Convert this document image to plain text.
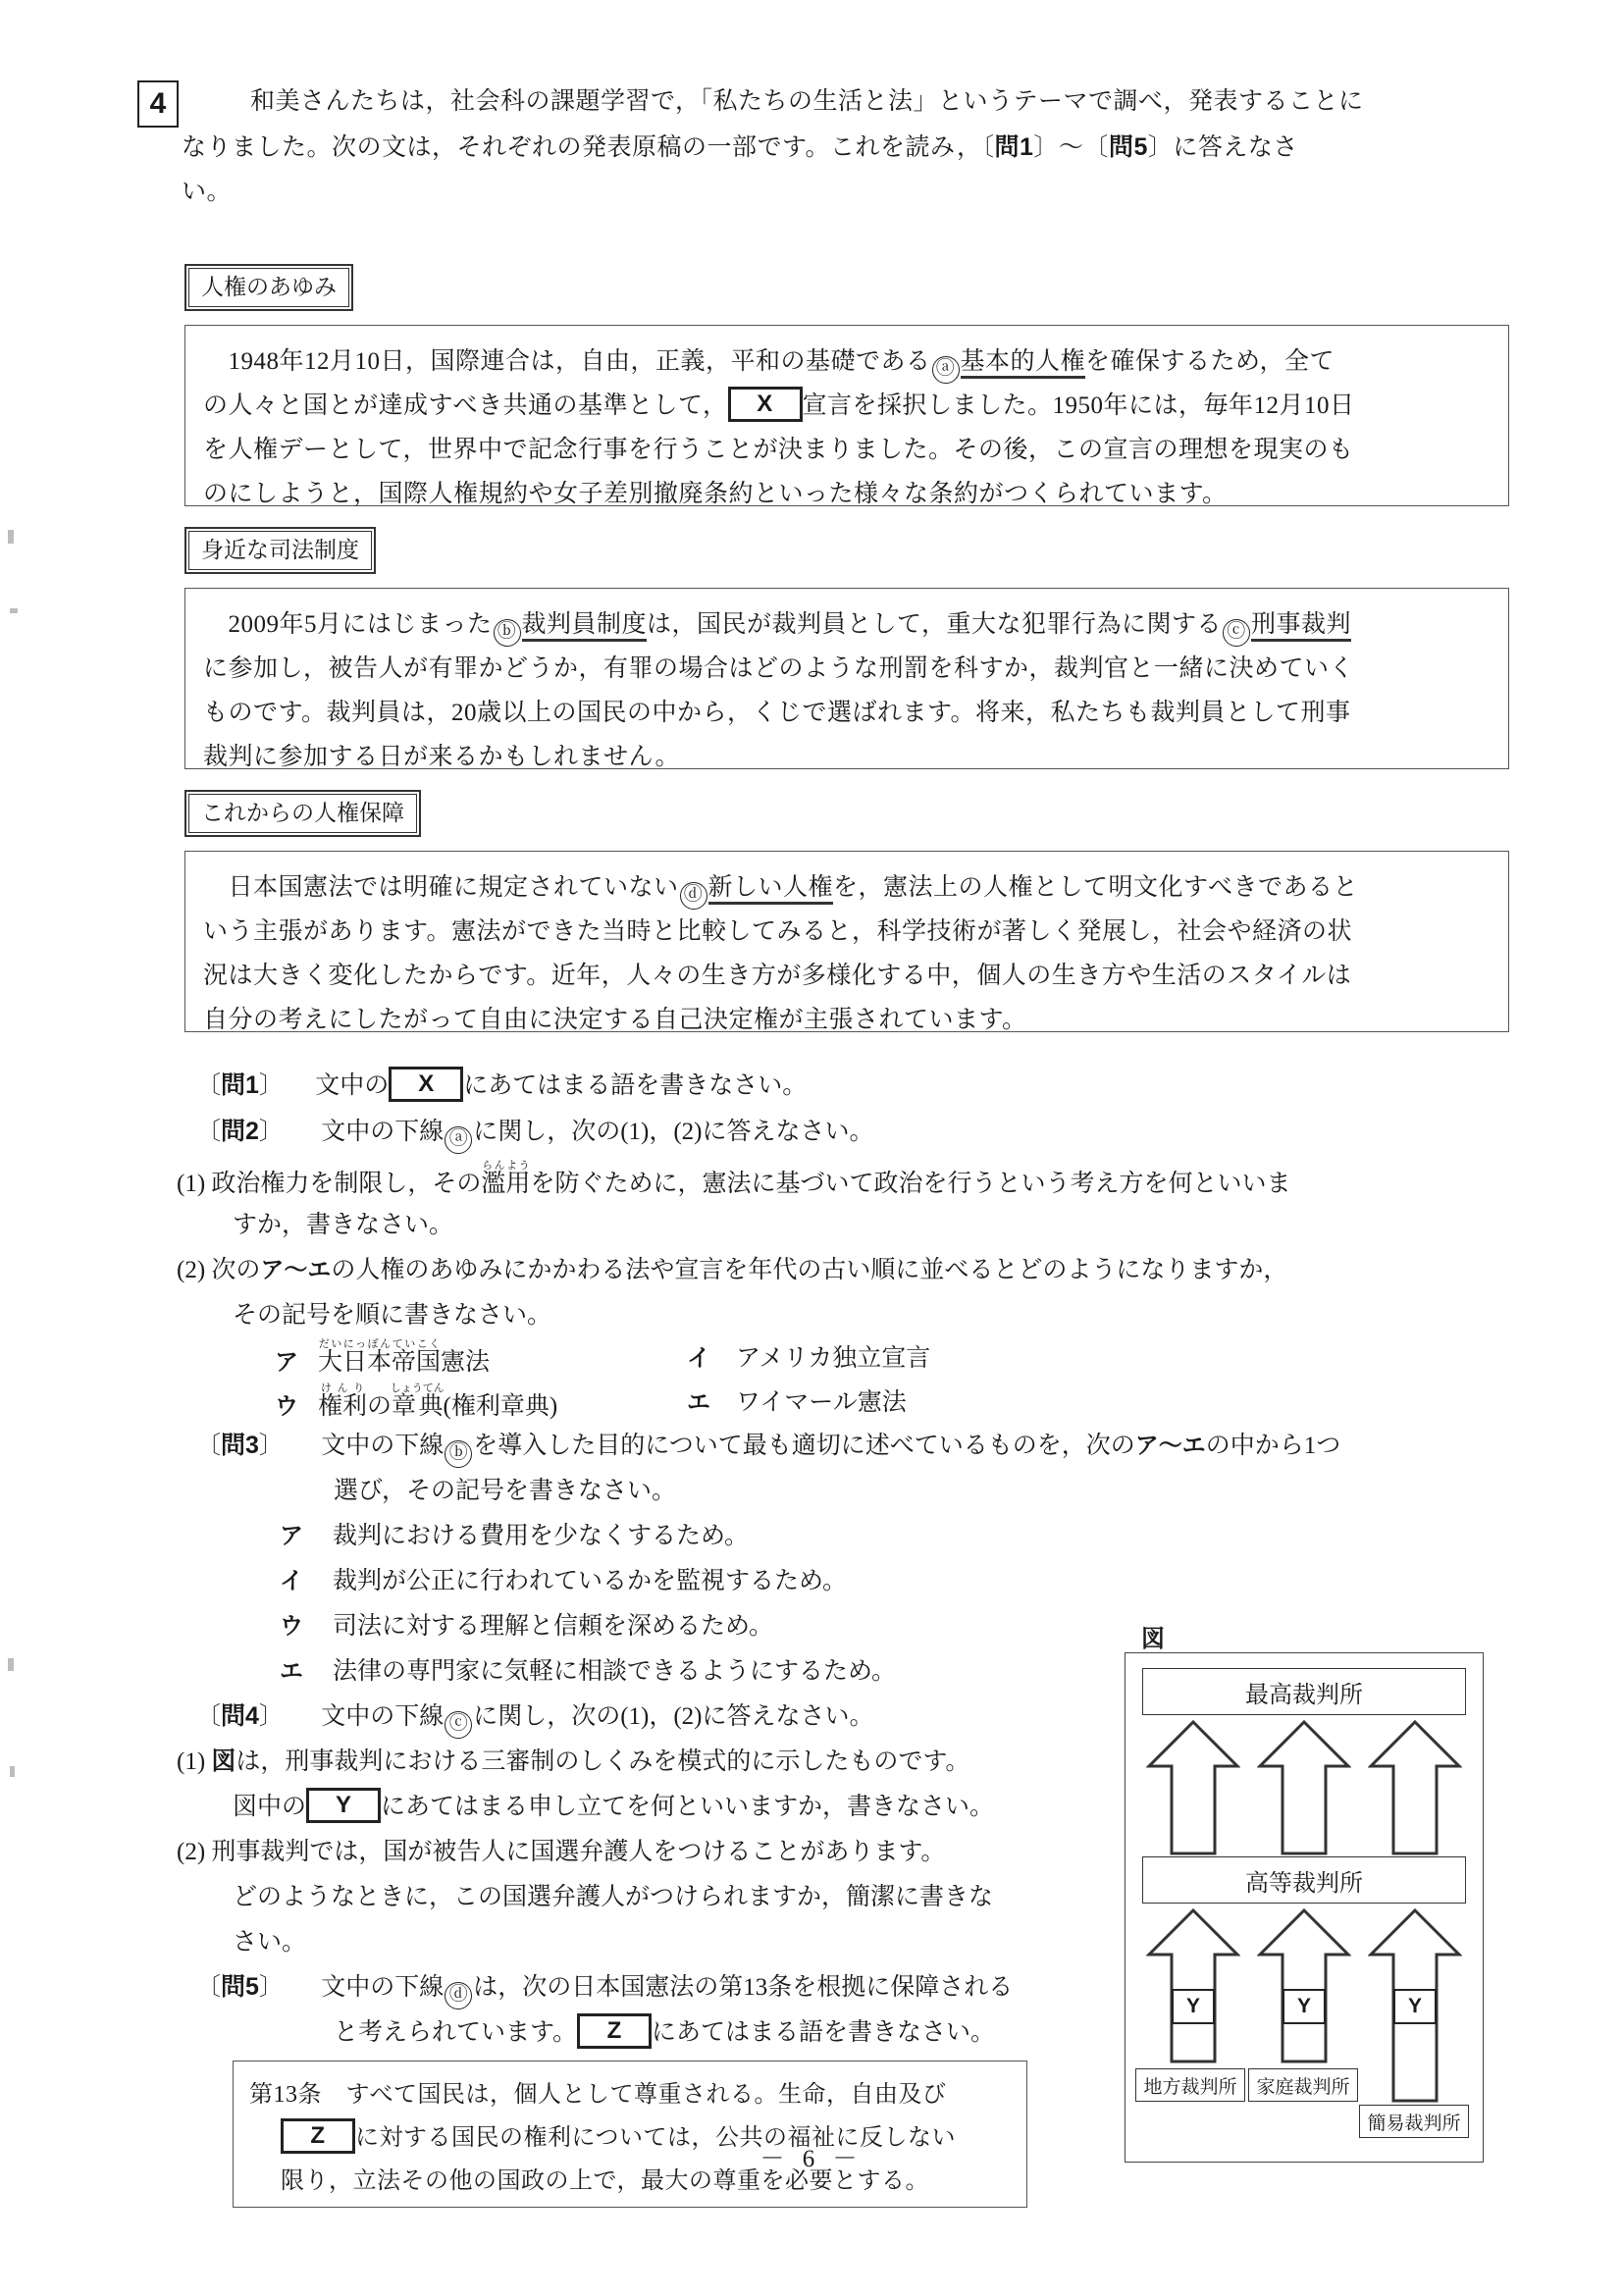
4	和美さんたちは，社会科の課題学習で，「私たちの生活と法」というテーマで調べ，発表することに
なりました。次の文は，それぞれの発表原稿の一部です。これを読み，〔問1〕～〔問5〕に答えなさ
い。
人権のあゆみ
　1948年12月10日，国際連合は，自由，正義，平和の基礎である ⓐ 基本的人権を確保するため，全て
の人々と国とが達成すべき共通の基準として， X 宣言を採択しました。1950年には，毎年12月10日
を人権デーとして，世界中で記念行事を行うことが決まりました。その後，この宣言の理想を現実のも
のにしようと，国際人権規約や女子差別撤廃条約といった様々な条約がつくられています。
身近な司法制度
　2009年5月にはじまった ⓑ 裁判員制度は，国民が裁判員として，重大な犯罪行為に関する ⓒ 刑事裁判
に参加し，被告人が有罪かどうか，有罪の場合はどのような刑罰を科すか，裁判官と一緒に決めていく
ものです。裁判員は，20歳以上の国民の中から，くじで選ばれます。将来，私たちも裁判員として刑事
裁判に参加する日が来るかもしれません。
これからの人権保障
　日本国憲法では明確に規定されていない ⓓ 新しい人権を，憲法上の人権として明文化すべきであると
いう主張があります。憲法ができた当時と比較してみると，科学技術が著しく発展し，社会や経済の状
況は大きく変化したからです。近年，人々の生き方が多様化する中，個人の生き方や生活のスタイルは
自分の考えにしたがって自由に決定する自己決定権が主張されています。
〔問1〕 文中の X にあてはまる語を書きなさい。
〔問2〕 文中の下線 ⓐ に関し，次の(1)，(2)に答えなさい。
(1) 政治権力を制限し，その濫用らんようを防ぐために，憲法に基づいて政治を行うという考え方を何といいま
すか，書きなさい。
(2) 次のア～エの人権のあゆみにかかわる法や宣言を年代の古い順に並べるとどのようになりますか，
その記号を順に書きなさい。
ア 大日本帝国だいにっぽんていこく憲法	イ アメリカ独立宣言
ウ 権利けんりの章典しょうてん(権利章典)	エ ワイマール憲法
〔問3〕 文中の下線 ⓑ を導入した目的について最も適切に述べているものを，次のア～エの中から1つ
選び，その記号を書きなさい。
ア 裁判における費用を少なくするため。
イ 裁判が公正に行われているかを監視するため。
ウ 司法に対する理解と信頼を深めるため。
エ 法律の専門家に気軽に相談できるようにするため。
〔問4〕 文中の下線 ⓒ に関し，次の(1)，(2)に答えなさい。
(1) 図は，刑事裁判における三審制のしくみを模式的に示したものです。
図中の Y にあてはまる申し立てを何といいますか，書きなさい。
(2) 刑事裁判では，国が被告人に国選弁護人をつけることがあります。
どのようなときに，この国選弁護人がつけられますか，簡潔に書きな
さい。
〔問5〕 文中の下線 ⓓ は，次の日本国憲法の第13条を根拠に保障される
と考えられています。 Z にあてはまる語を書きなさい。
第13条　すべて国民は，個人として尊重される。生命，自由及び
Z に対する国民の権利については，公共の福祉に反しない
限り，立法その他の国政の上で，最大の尊重を必要とする。
図
最高裁判所
高等裁判所
Y	Y	Y
地方裁判所	家庭裁判所
簡易裁判所
－ 6 －
